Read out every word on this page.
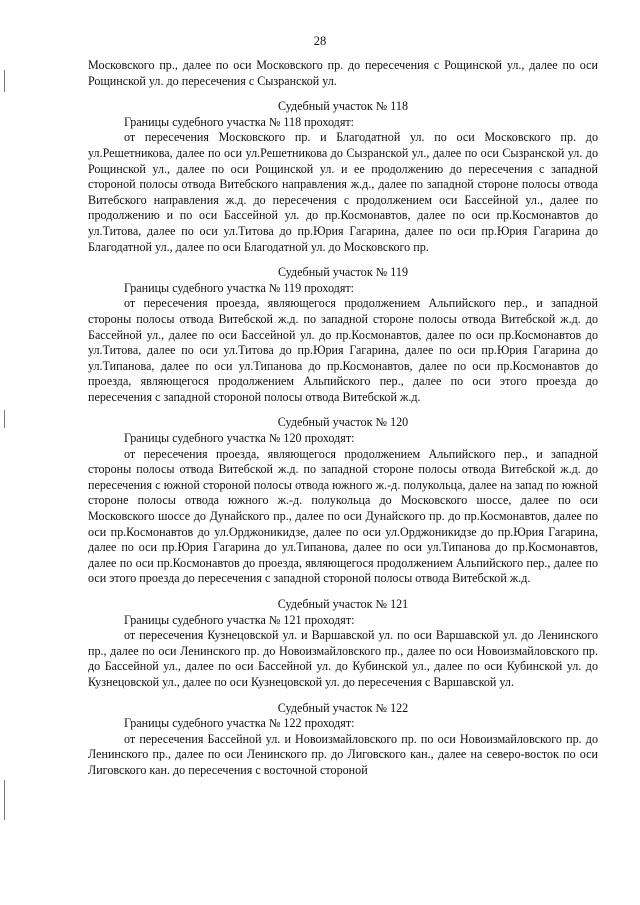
28

Московского пр., далее по оси Московского пр. до пересечения с Рощинской ул., далее по оси Рощинской ул. до пересечения с Сызранской ул.

Судебный участок № 118

Границы судебного участка № 118 проходят:

от пересечения Московского пр. и Благодатной ул. по оси Московского пр. до ул.Решетникова, далее по оси ул.Решетникова до Сызранской ул., далее по оси Сызранской ул. до Рощинской ул., далее по оси Рощинской ул. и ее продолжению до пересечения с западной стороной полосы отвода Витебского направления ж.д., далее по западной стороне полосы отвода Витебского направления ж.д. до пересечения с продолжением оси Бассейной ул., далее по продолжению и по оси Бассейной ул. до пр.Космонавтов, далее по оси пр.Космонавтов до ул.Титова, далее по оси ул.Титова до пр.Юрия Гагарина, далее по оси пр.Юрия Гагарина до Благодатной ул., далее по оси Благодатной ул. до Московского пр.

Судебный участок № 119

Границы судебного участка № 119 проходят:

от пересечения проезда, являющегося продолжением Альпийского пер., и западной стороны полосы отвода Витебской ж.д. по западной стороне полосы отвода Витебской ж.д. до Бассейной ул., далее по оси Бассейной ул. до пр.Космонавтов, далее по оси пр.Космонавтов до ул.Титова, далее по оси ул.Титова до пр.Юрия Гагарина, далее по оси пр.Юрия Гагарина до ул.Типанова, далее по оси ул.Типанова до пр.Космонавтов, далее по оси пр.Космонавтов до проезда, являющегося продолжением Альпийского пер., далее по оси этого проезда до пересечения с западной стороной полосы отвода Витебской ж.д.

Судебный участок № 120

Границы судебного участка № 120 проходят:

от пересечения проезда, являющегося продолжением Альпийского пер., и западной стороны полосы отвода Витебской ж.д. по западной стороне полосы отвода Витебской ж.д. до пересечения с южной стороной полосы отвода южного ж.-д. полукольца, далее на запад по южной стороне полосы отвода южного ж.-д. полукольца до Московского шоссе, далее по оси Московского шоссе до Дунайского пр., далее по оси Дунайского пр. до пр.Космонавтов, далее по оси пр.Космонавтов до ул.Орджоникидзе, далее по оси ул.Орджоникидзе до пр.Юрия Гагарина, далее по оси пр.Юрия Гагарина до ул.Типанова, далее по оси ул.Типанова до пр.Космонавтов, далее по оси пр.Космонавтов до проезда, являющегося продолжением Альпийского пер., далее по оси этого проезда до пересечения с западной стороной полосы отвода Витебской ж.д.

Судебный участок № 121

Границы судебного участка № 121 проходят:

от пересечения Кузнецовской ул. и Варшавской ул. по оси Варшавской ул. до Ленинского пр., далее по оси Ленинского пр. до Новоизмайловского пр., далее по оси Новоизмайловского пр. до Бассейной ул., далее по оси Бассейной ул. до Кубинской ул., далее по оси Кубинской ул. до Кузнецовской ул., далее по оси Кузнецовской ул. до пересечения с Варшавской ул.

Судебный участок № 122

Границы судебного участка № 122 проходят:

от пересечения Бассейной ул. и Новоизмайловского пр. по оси Новоизмайловского пр. до Ленинского пр., далее по оси Ленинского пр. до Лиговского кан., далее на северо-восток по оси Лиговского кан. до пересечения с восточной стороной
